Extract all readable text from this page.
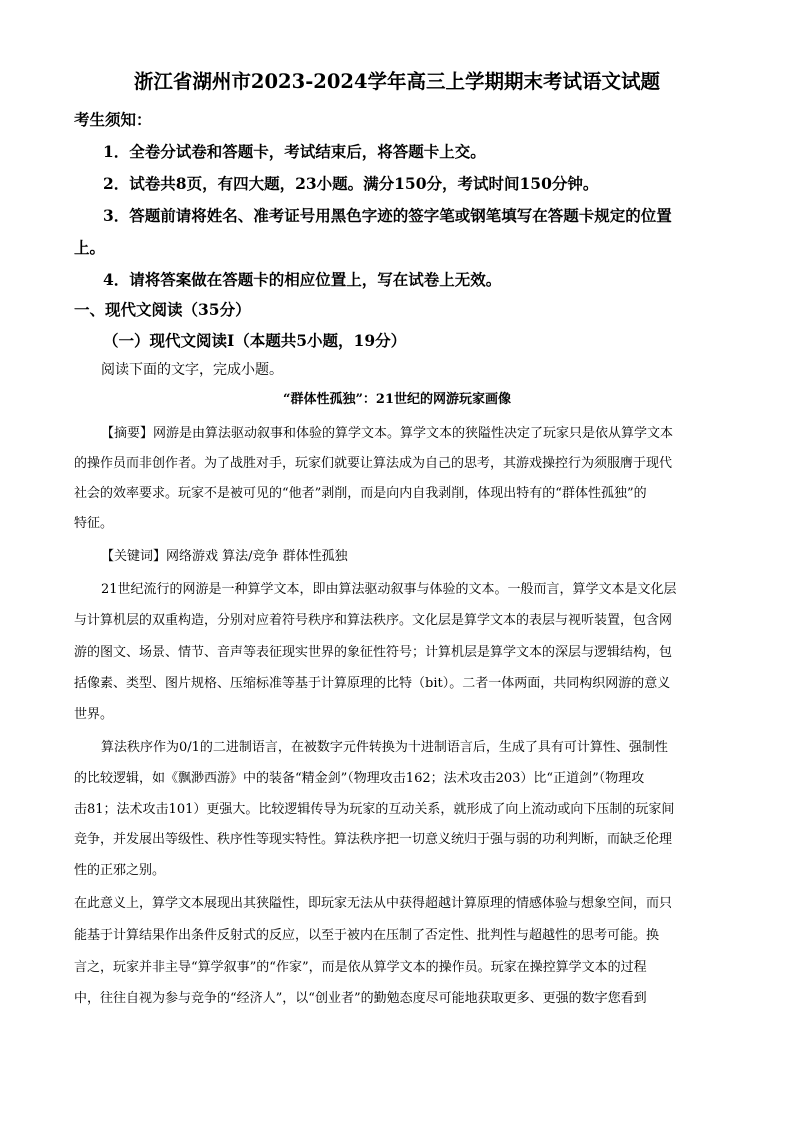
浙江省湖州市2023-2024学年高三上学期期末考试语文试题
考生须知：
1．全卷分试卷和答题卡，考试结束后，将答题卡上交。
2．试卷共8页，有四大题，23小题。满分150分，考试时间150分钟。
3．答题前请将姓名、准考证号用黑色字迹的签字笔或钢笔填写在答题卡规定的位置
上。
4．请将答案做在答题卡的相应位置上，写在试卷上无效。
一、现代文阅读（35分）
（一）现代文阅读Ⅰ（本题共5小题，19分）
阅读下面的文字，完成小题。
“群体性孤独”：21世纪的网游玩家画像
【摘要】网游是由算法驱动叙事和体验的算学文本。算学文本的狭隘性决定了玩家只是依从算学文本
的操作员而非创作者。为了战胜对手，玩家们就要让算法成为自己的思考，其游戏操控行为须服膺于现代
社会的效率要求。玩家不是被可见的“他者”剥削，而是向内自我剥削，体现出特有的“群体性孤独”的
特征。
【关键词】网络游戏 算法/竞争 群体性孤独
21世纪流行的网游是一种算学文本，即由算法驱动叙事与体验的文本。一般而言，算学文本是文化层
与计算机层的双重构造，分别对应着符号秩序和算法秩序。文化层是算学文本的表层与视听装置，包含网
游的图文、场景、情节、音声等表征现实世界的象征性符号；计算机层是算学文本的深层与逻辑结构，包
括像素、类型、图片规格、压缩标准等基于计算原理的比特（bit）。二者一体两面，共同构织网游的意义
世界。
算法秩序作为0/1的二进制语言，在被数字元件转换为十进制语言后，生成了具有可计算性、强制性
的比较逻辑，如《飘渺西游》中的装备“精金剑”（物理攻击162；法术攻击203）比“正道剑”（物理攻
击81；法术攻击101）更强大。比较逻辑传导为玩家的互动关系，就形成了向上流动或向下压制的玩家间
竞争，并发展出等级性、秩序性等现实特性。算法秩序把一切意义统归于强与弱的功利判断，而缺乏伦理
性的正邪之别。
在此意义上，算学文本展现出其狭隘性，即玩家无法从中获得超越计算原理的情感体验与想象空间，而只
能基于计算结果作出条件反射式的反应，以至于被内在压制了否定性、批判性与超越性的思考可能。换
言之，玩家并非主导“算学叙事”的“作家”，而是依从算学文本的操作员。玩家在操控算学文本的过程
中，往往自视为参与竞争的“经济人”，以“创业者”的勤勉态度尽可能地获取更多、更强的数字您看到
